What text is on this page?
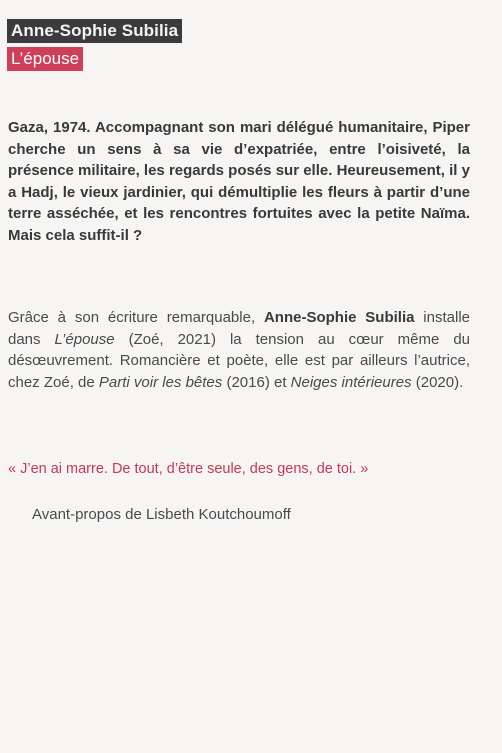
Anne-Sophie Subilia
L’épouse

Gaza, 1974. Accompagnant son mari délégué humanitaire, Piper cherche un sens à sa vie d’expatriée, entre l’oisiveté, la présence militaire, les regards posés sur elle. Heureusement, il y a Hadj, le vieux jardinier, qui démultiplie les fleurs à partir d’une terre asséchée, et les rencontres fortuites avec la petite Naïma. Mais cela suffit-il ?

Grâce à son écriture remarquable, Anne-Sophie Subilia installe dans L’épouse (Zoé, 2021) la tension au cœur même du désœuvrement. Romancière et poète, elle est par ailleurs l’autrice, chez Zoé, de Parti voir les bêtes (2016) et Neiges intérieures (2020).

« J’en ai marre. De tout, d’être seule, des gens, de toi. »

Avant-propos de Lisbeth Koutchoumoff
